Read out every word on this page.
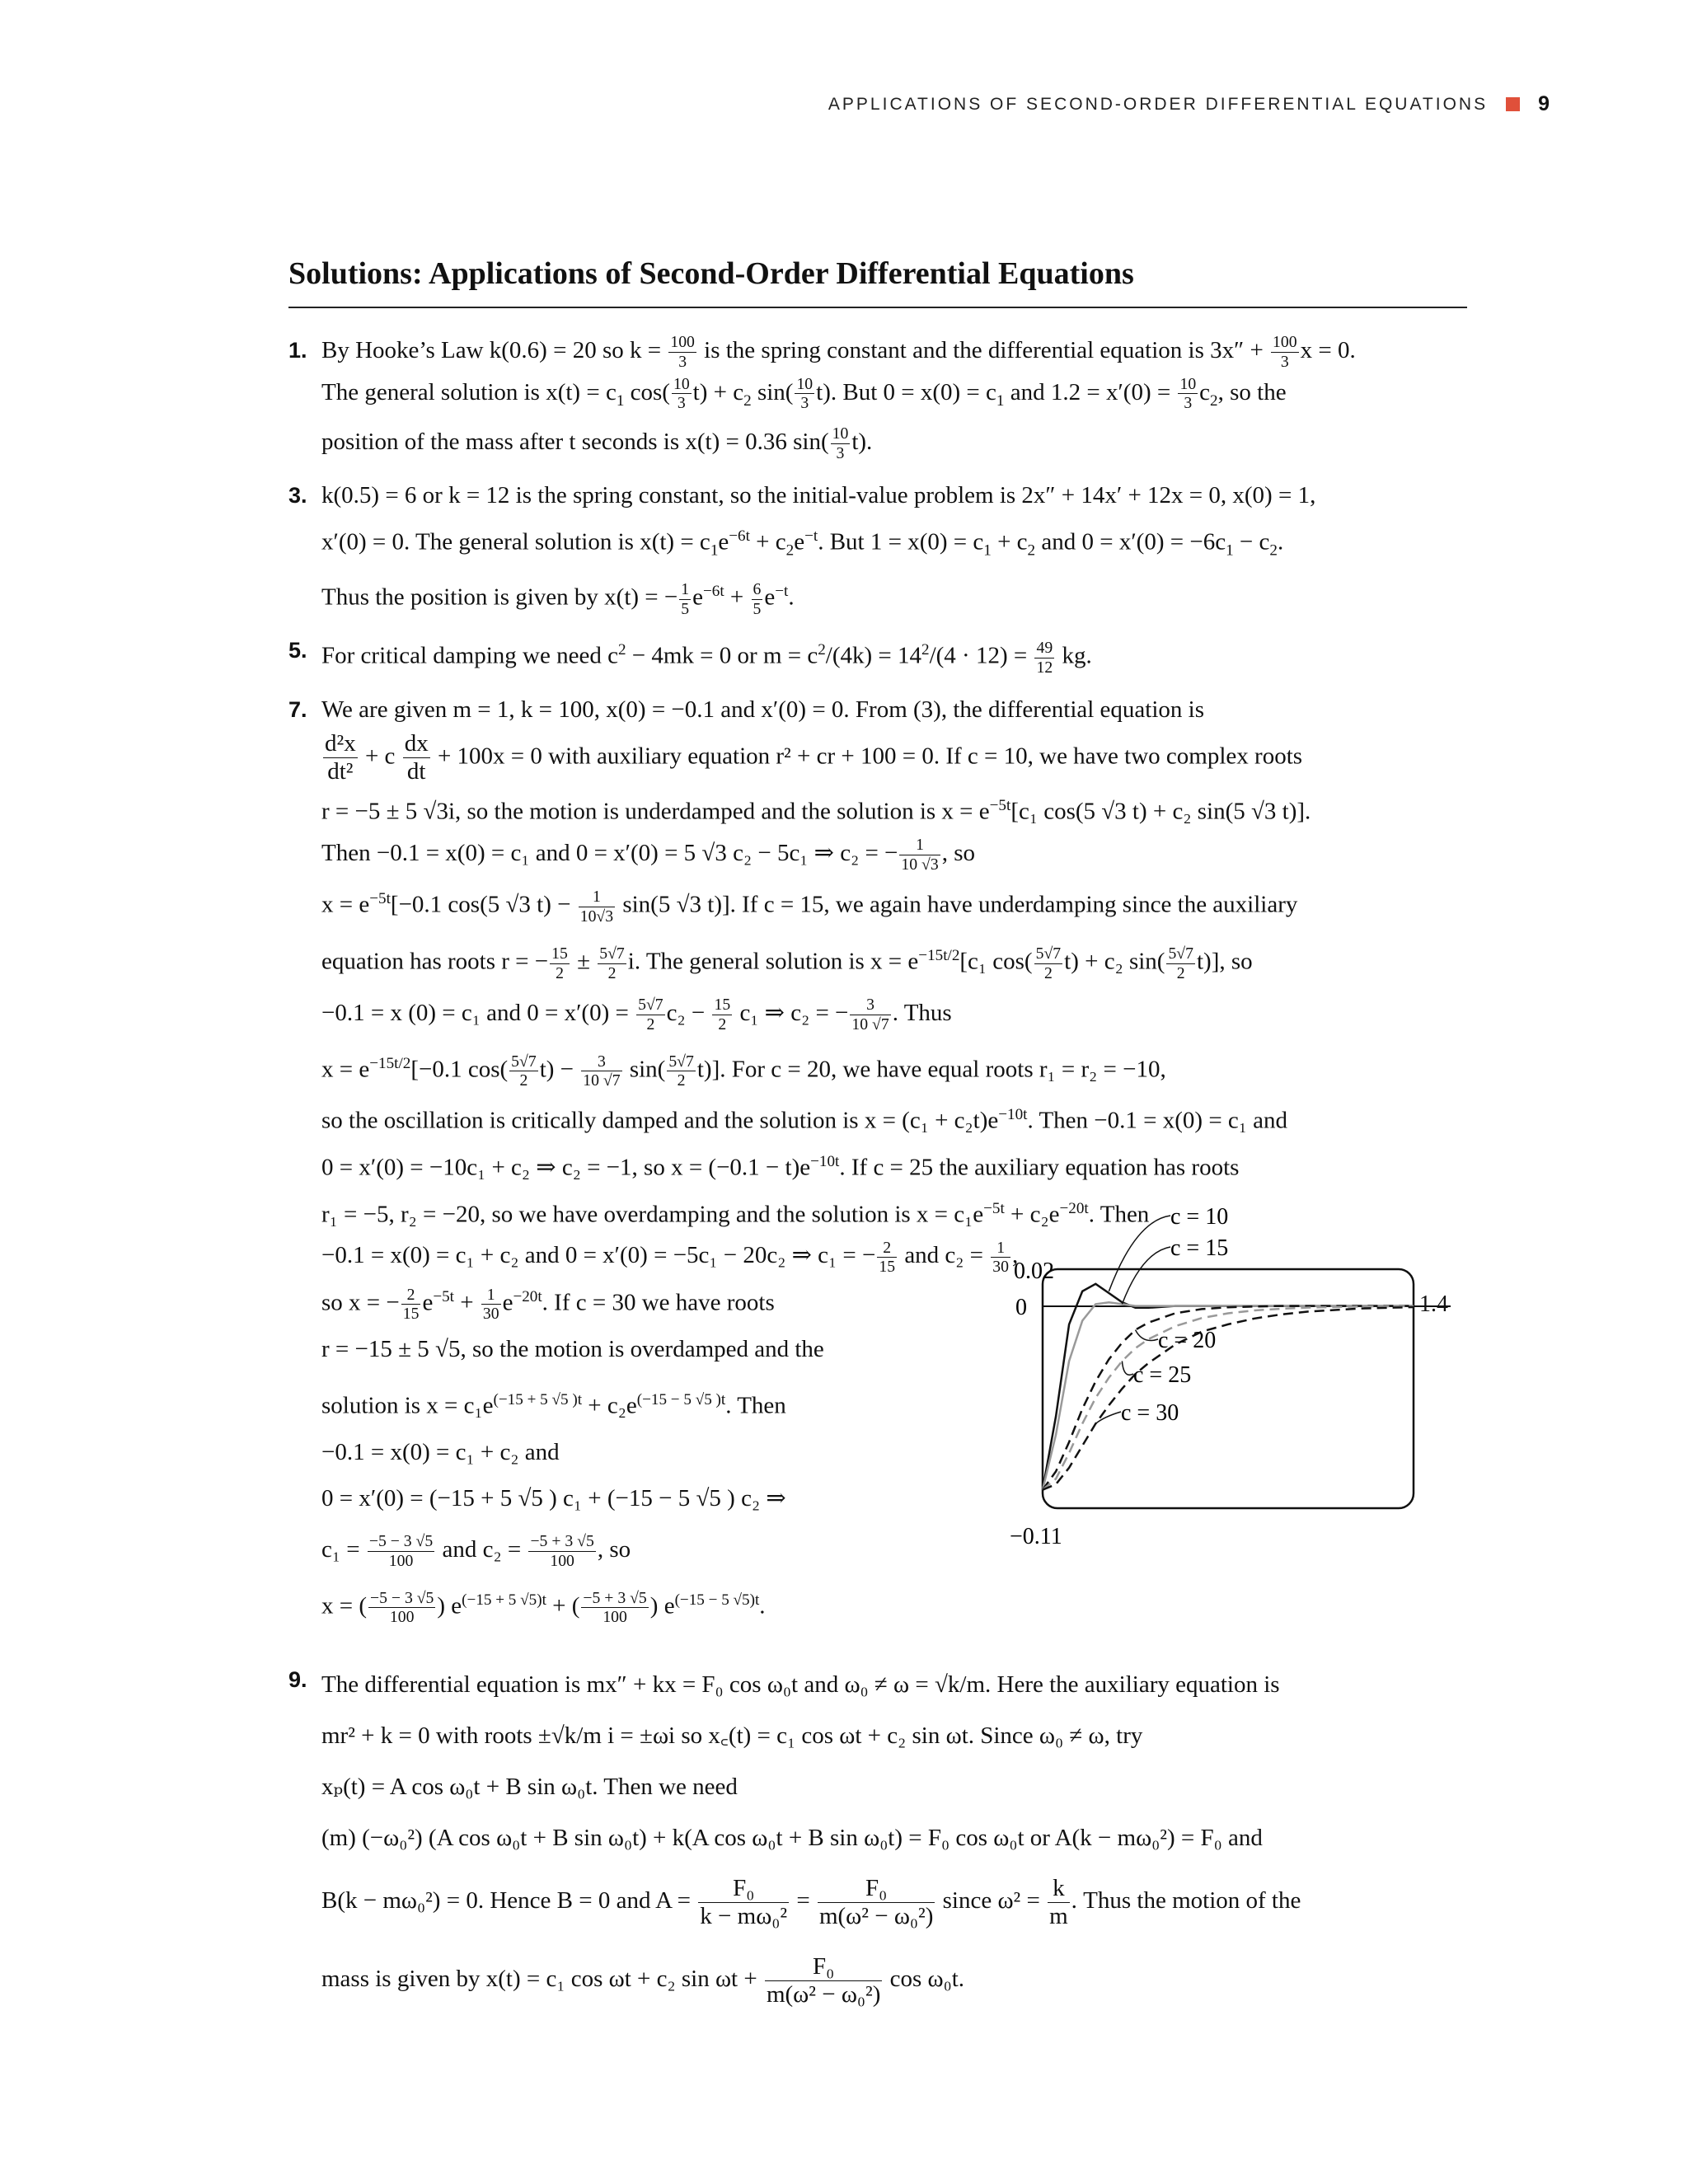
APPLICATIONS OF SECOND-ORDER DIFFERENTIAL EQUATIONS 9
Solutions: Applications of Second-Order Differential Equations
1. By Hooke’s Law k(0.6) = 20 so $k = \frac{100}{3}$ is the spring constant and the differential equation is $3x'' + \frac{100}{3}$ x = 0.
The general solution is $x(t) = c_1$ $\cos( \frac{10}{3} t) + c_2$ $\sin( \frac{10}{3} t)$. But $0 = x(0) = c_1$ and $1.2 = x'(0) = \frac{10}{3} c_2$, so the
position of the mass after t seconds is x(t) = 0.36 $\sin( \frac{10}{3} t)$.
3. k(0.5) = 6 or k = 12 is the spring constant, so the initial-value problem is 2x″ + 14x′ + 12x = 0, x(0) = 1,
x′(0) = 0. The general solution is $x(t) = c_1e^{-6t} + c_2e^{-t}$. But $1 = x(0) = c_1 + c_2$ and $0 = x'(0) = -6c_1 - c_2$.
Thus the position is given by x(t) = − $\frac{1}{5} e^{-6t} + \frac{6}{5} e^{-t}$.
5. For critical damping we need $c^2 - 4mk = 0$ or $m = c^2/(4k) = 14^2/(4 \cdot 12) = \frac{49}{12}$ kg.
7. We are given m = 1, k = 100, x(0) = −0.1 and x′(0) = 0. From (3), the differential equation is
$\frac{\text{d²x}}{\text{dt²}} + c \frac{dx}{dt} + 100x = 0$ with auxiliary equation r² + cr + 100 = 0. If c = 10, we have two complex roots
r = −5 ± 5 √3i, so the motion is underdamped and the solution is $x = e^{-5t}[c_1$ cos(5 √3 t) + c₂ sin(5 √3 t)].
Then −0.1 = x(0) = c₁ and 0 = x′(0) = 5 √3 c₂ − 5c₁ ⇒ c₂ = − $\frac{1}{10 √3}$ , so
$x = e^{-5t}[-0.1$ cos(5 √3 $t) - \frac{1}{10√3} \sin(5$ √3 t)]. If c = 15, we again have underdamping since the auxiliary
equation has roots r = − $\frac{15}{2} \pm \frac{5√7}{2} i$. The general solution is $x = e^{-15t/2}[c_1$ $\cos( \frac{5√7}{2} t) + c_2$ $\sin( \frac{5√7}{2} t)$], so
−0.1 = x (0) = c₁ and $0 = x'(0) = \frac{5√7}{2} c_2 - \frac{15}{2} c_1$ ⇒ c₂ = − $\frac{3}{10 √7}$ . Thus
$x = e^{-15t/2}[-0.1$ $\cos( \frac{5√7}{2} t) - \frac{3}{10 √7} \sin( \frac{5√7}{2} t)$]. For c = 20, we have equal roots r₁ = r₂ = −10,
so the oscillation is critically damped and the solution is $x = (c_1 + c_2t)e^{-10t}$. Then −0.1 = x(0) = c₁ and
0 = x′(0) = −10c₁ + c₂ ⇒ c₂ = −1, so $x = (-0.1 - t)e^{-10t}$. If c = 25 the auxiliary equation has roots
r₁ = −5, r₂ = −20, so we have overdamping and the solution is $x = c_1e^{-5t} + c_2e^{-20t}$. Then
−0.1 = x(0) = c₁ + c₂ and 0 = x′(0) = −5c₁ − 20c₂ ⇒ c₁ = − $\frac{2}{15}$ and $c_2 = \frac{1}{30}$ ,
so x = − $\frac{2}{15} e^{-5t} + \frac{1}{30} e^{-20t}$. If c = 30 we have roots
r = −15 ± 5 √5, so the motion is overdamped and the
solution is $x = c_1e^{(-15 + 5 √5 )t} + c_2e^{(-15 - 5 √5 )t}$. Then
−0.1 = x(0) = c₁ + c₂ and
0 = x′(0) = (−15 + 5 √5 ) c₁ + (−15 − 5 √5 ) c₂ ⇒
$c_1 = \frac{-5 - 3 √5}{100}$ and $c_2 = \frac{-5 + 3 √5}{100}$ , so
x = ( $\frac{-5 - 3 √5}{100}$ ) $e^{(-15 + 5 √5)t}$ + ( $\frac{-5 + 3 √5}{100}$ ) $e^{(-15 - 5 √5)t}$.
9. The differential equation is mx″ + kx = F₀ cos ω₀t and ω₀ ≠ ω = √k/m. Here the auxiliary equation is
mr² + k = 0 with roots ±√k/m i = ±ωi so x꜀(t) = c₁ cos ωt + c₂ sin ωt. Since ω₀ ≠ ω, try
xₚ(t) = A cos ω₀t + B sin ω₀t. Then we need
(m) (−ω₀²) (A cos ω₀t + B sin ω₀t) + k(A cos ω₀t + B sin ω₀t) = F₀ cos ω₀t or A(k − mω₀²) = F₀ and
B(k − mω₀²) = 0. Hence B = 0 and $A = \frac{\text{F₀}}{\text{k − mω₀²}} = \frac{\text{F₀}}{\text{m(ω² − ω₀²)}}$ since $\omega^2 = \frac{k}{m}$ . Thus the motion of the
mass is given by x(t) = c₁ cos ωt + c₂ $\sin \omega t + \frac{\text{F₀}}{\text{m(ω² − ω₀²)}}$ cos ω₀t.
0.02
0
−0.11
c = 10
c = 15
c = 20
c = 25
c = 30
1.4
